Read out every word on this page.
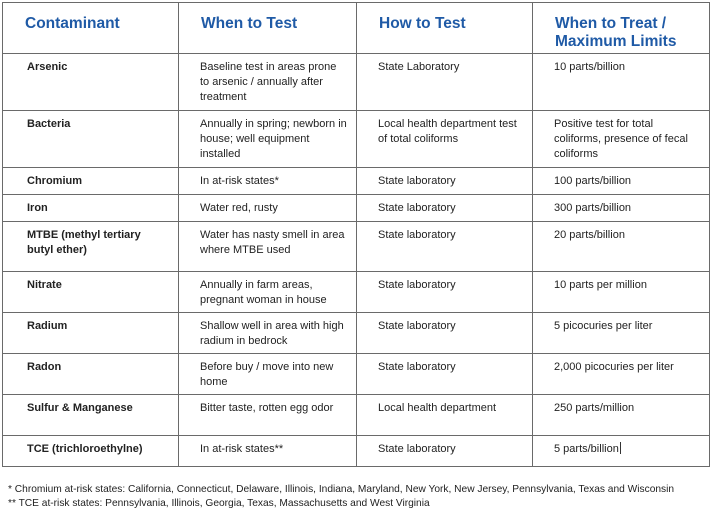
Contaminant	When to Test	How to Test	When to Treat / Maximum Limits
Arsenic	Baseline test in areas prone to arsenic / annually after treatment	State Laboratory	10 parts/billion
Bacteria	Annually in spring; newborn in house; well equipment installed	Local health department test of total coliforms	Positive test for total coliforms, presence of fecal coliforms
Chromium	In at-risk states*	State laboratory	100 parts/billion
Iron	Water red, rusty	State laboratory	300 parts/billion
MTBE (methyl tertiary butyl ether)	Water has nasty smell in area where MTBE used	State laboratory	20 parts/billion
Nitrate	Annually in farm areas, pregnant woman in house	State laboratory	10 parts per million
Radium	Shallow well in area with high radium in bedrock	State laboratory	5 picocuries per liter
Radon	Before buy / move into new home	State laboratory	2,000 picocuries per liter
Sulfur & Manganese	Bitter taste, rotten egg odor	Local health department	250 parts/million
TCE (trichloroethylne)	In at-risk states**	State laboratory	5 parts/billion
* Chromium at-risk states: California, Connecticut, Delaware, Illinois, Indiana, Maryland, New York, New Jersey, Pennsylvania, Texas and Wisconsin
** TCE at-risk states: Pennsylvania, Illinois, Georgia, Texas, Massachusetts and West Virginia
